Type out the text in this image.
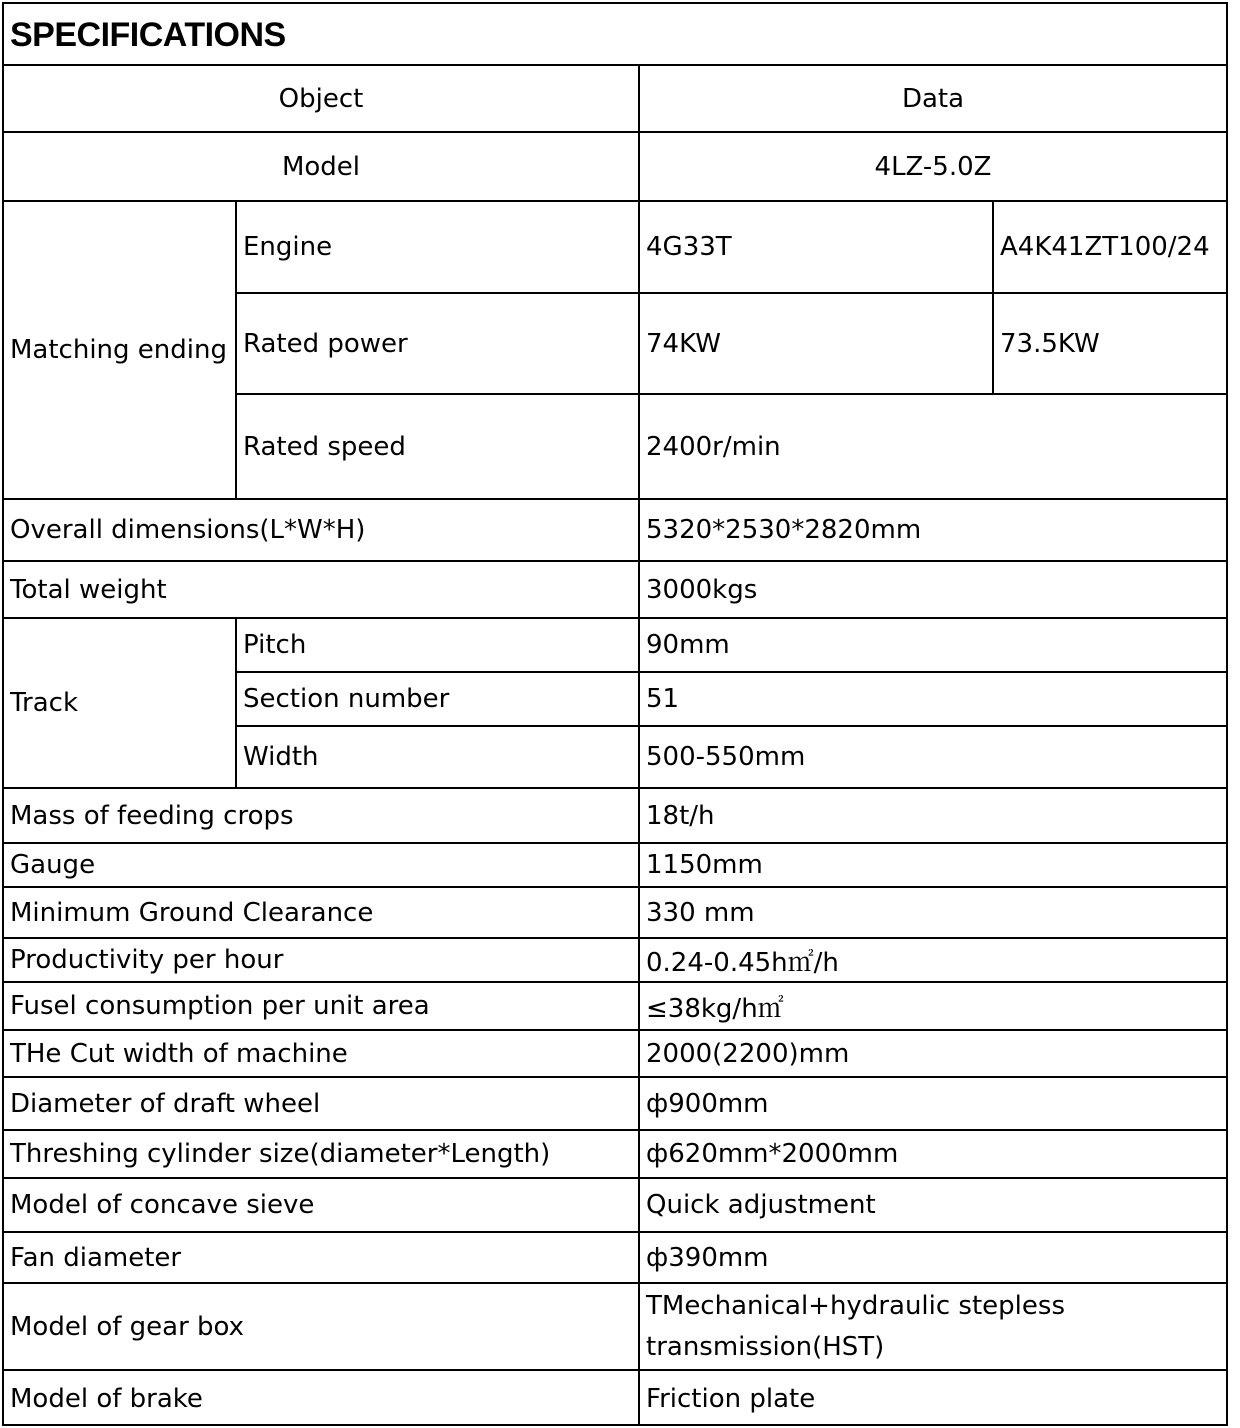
SPECIFICATIONS
Object		Data	
Model		4LZ-5.0Z	
Matching ending	Engine	4G33T	A4K41ZT100/24
	Rated power	74KW	73.5KW
	Rated speed	2400r/min	
Overall dimensions(L*W*H)		5320*2530*2820mm	
Total weight		3000kgs	
Track	Pitch	90mm	
	Section number	51	
	Width	500-550mm	
Mass of feeding crops		18t/h	
Gauge		1150mm	
Minimum Ground Clearance		330 mm	
Productivity per hour		0.24-0.45h㎡/h	
Fusel consumption per unit area		≤38kg/h㎡	
THe Cut width of machine		2000(2200)mm	
Diameter of draft wheel		ф900mm	
Threshing cylinder size(diameter*Length)		ф620mm*2000mm	
Model of concave sieve		Quick adjustment	
Fan diameter		ф390mm	
Model of gear box		TMechanical+hydraulic stepless transmission(HST)	
Model of brake		Friction plate	
